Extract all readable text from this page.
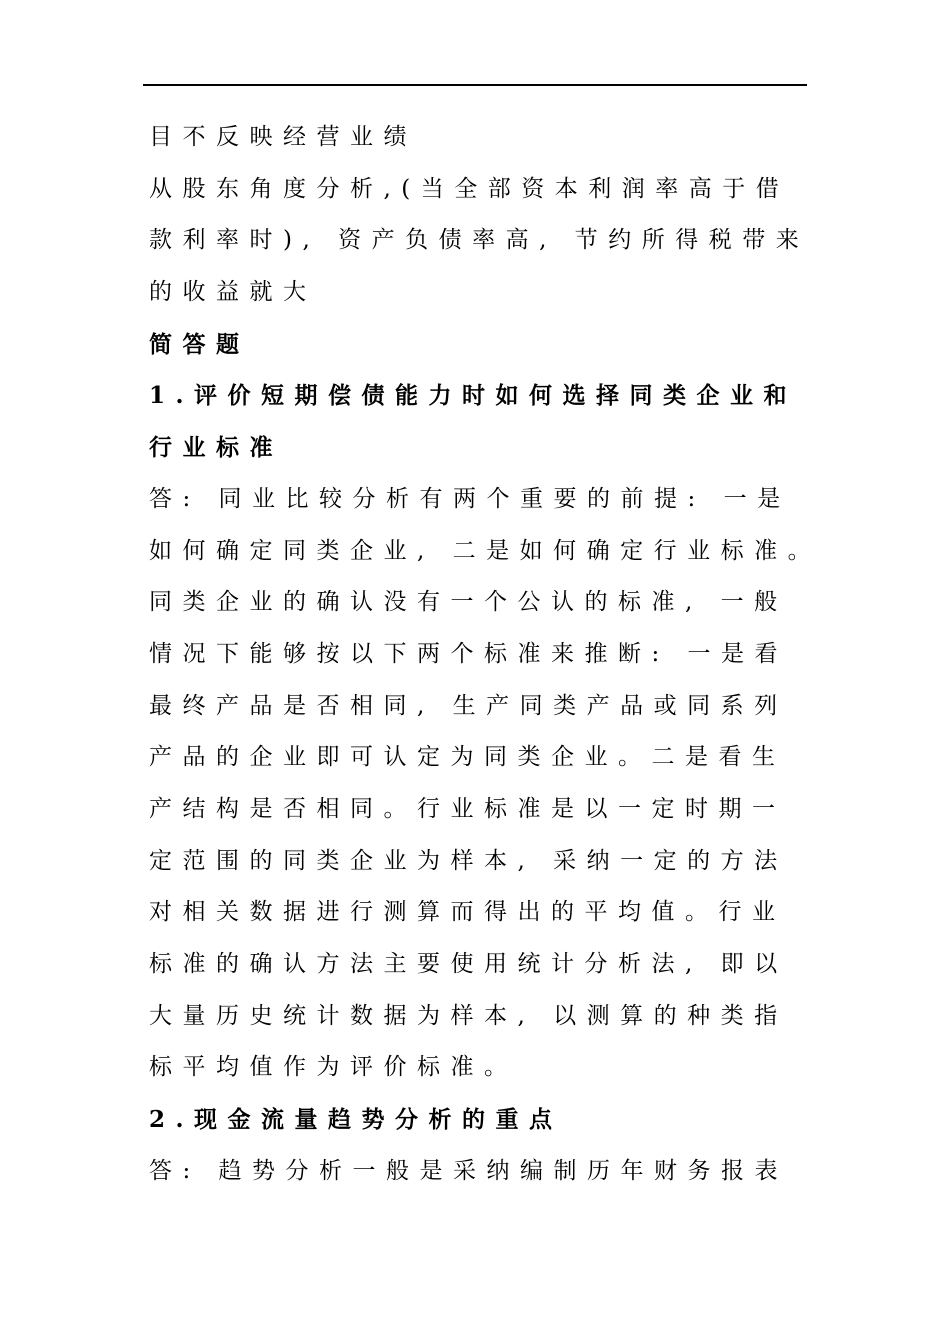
目不反映经营业绩
从股东角度分析,(当全部资本利润率高于借
款利率时), 资产负债率高, 节约所得税带来
的收益就大
简答题
1.评价短期偿债能力时如何选择同类企业和
行业标准
答: 同业比较分析有两个重要的前提: 一是
如何确定同类企业, 二是如何确定行业标准。
同类企业的确认没有一个公认的标准, 一般
情况下能够按以下两个标准来推断: 一是看
最终产品是否相同, 生产同类产品或同系列
产品的企业即可认定为同类企业。二是看生
产结构是否相同。行业标准是以一定时期一
定范围的同类企业为样本, 采纳一定的方法
对相关数据进行测算而得出的平均值。行业
标准的确认方法主要使用统计分析法, 即以
大量历史统计数据为样本, 以测算的种类指
标平均值作为评价标准。
2.现金流量趋势分析的重点
答: 趋势分析一般是采纳编制历年财务报表
